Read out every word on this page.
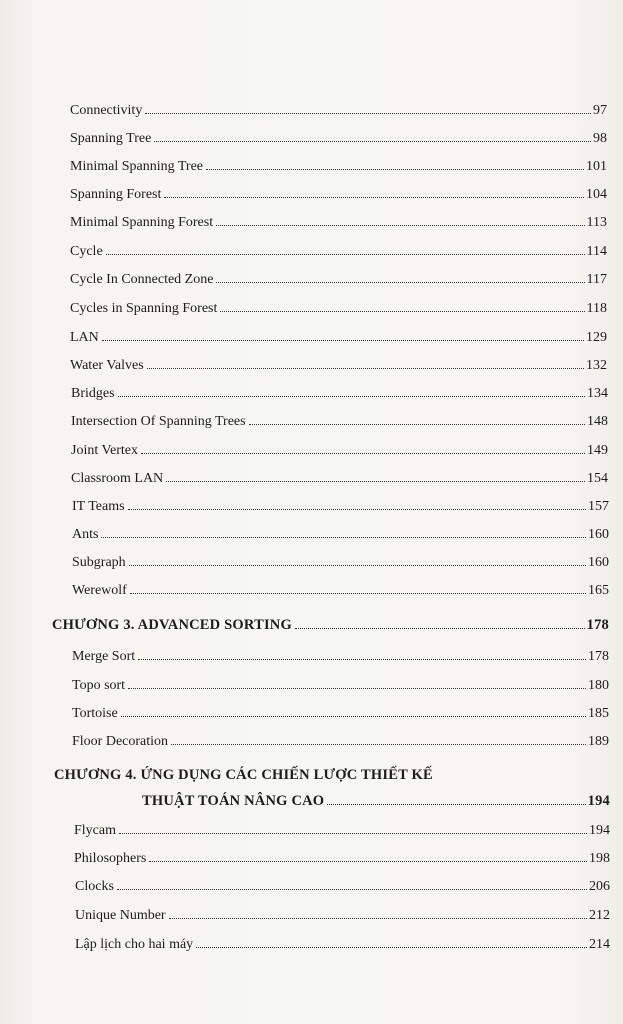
Connectivity	97
Spanning Tree	98
Minimal Spanning Tree	101
Spanning Forest	104
Minimal Spanning Forest	113
Cycle	114
Cycle In Connected Zone	117
Cycles in Spanning Forest	118
LAN	129
Water Valves	132
Bridges	134
Intersection Of Spanning Trees	148
Joint Vertex	149
Classroom LAN	154
IT Teams	157
Ants	160
Subgraph	160
Werewolf	165
CHƯƠNG 3. ADVANCED SORTING	178
Merge Sort	178
Topo sort	180
Tortoise	185
Floor Decoration	189
CHƯƠNG 4. ỨNG DỤNG CÁC CHIẾN LƯỢC THIẾT KẾ
THUẬT TOÁN NÂNG CAO	194
Flycam	194
Philosophers	198
Clocks	206
Unique Number	212
Lập lịch cho hai máy	214
